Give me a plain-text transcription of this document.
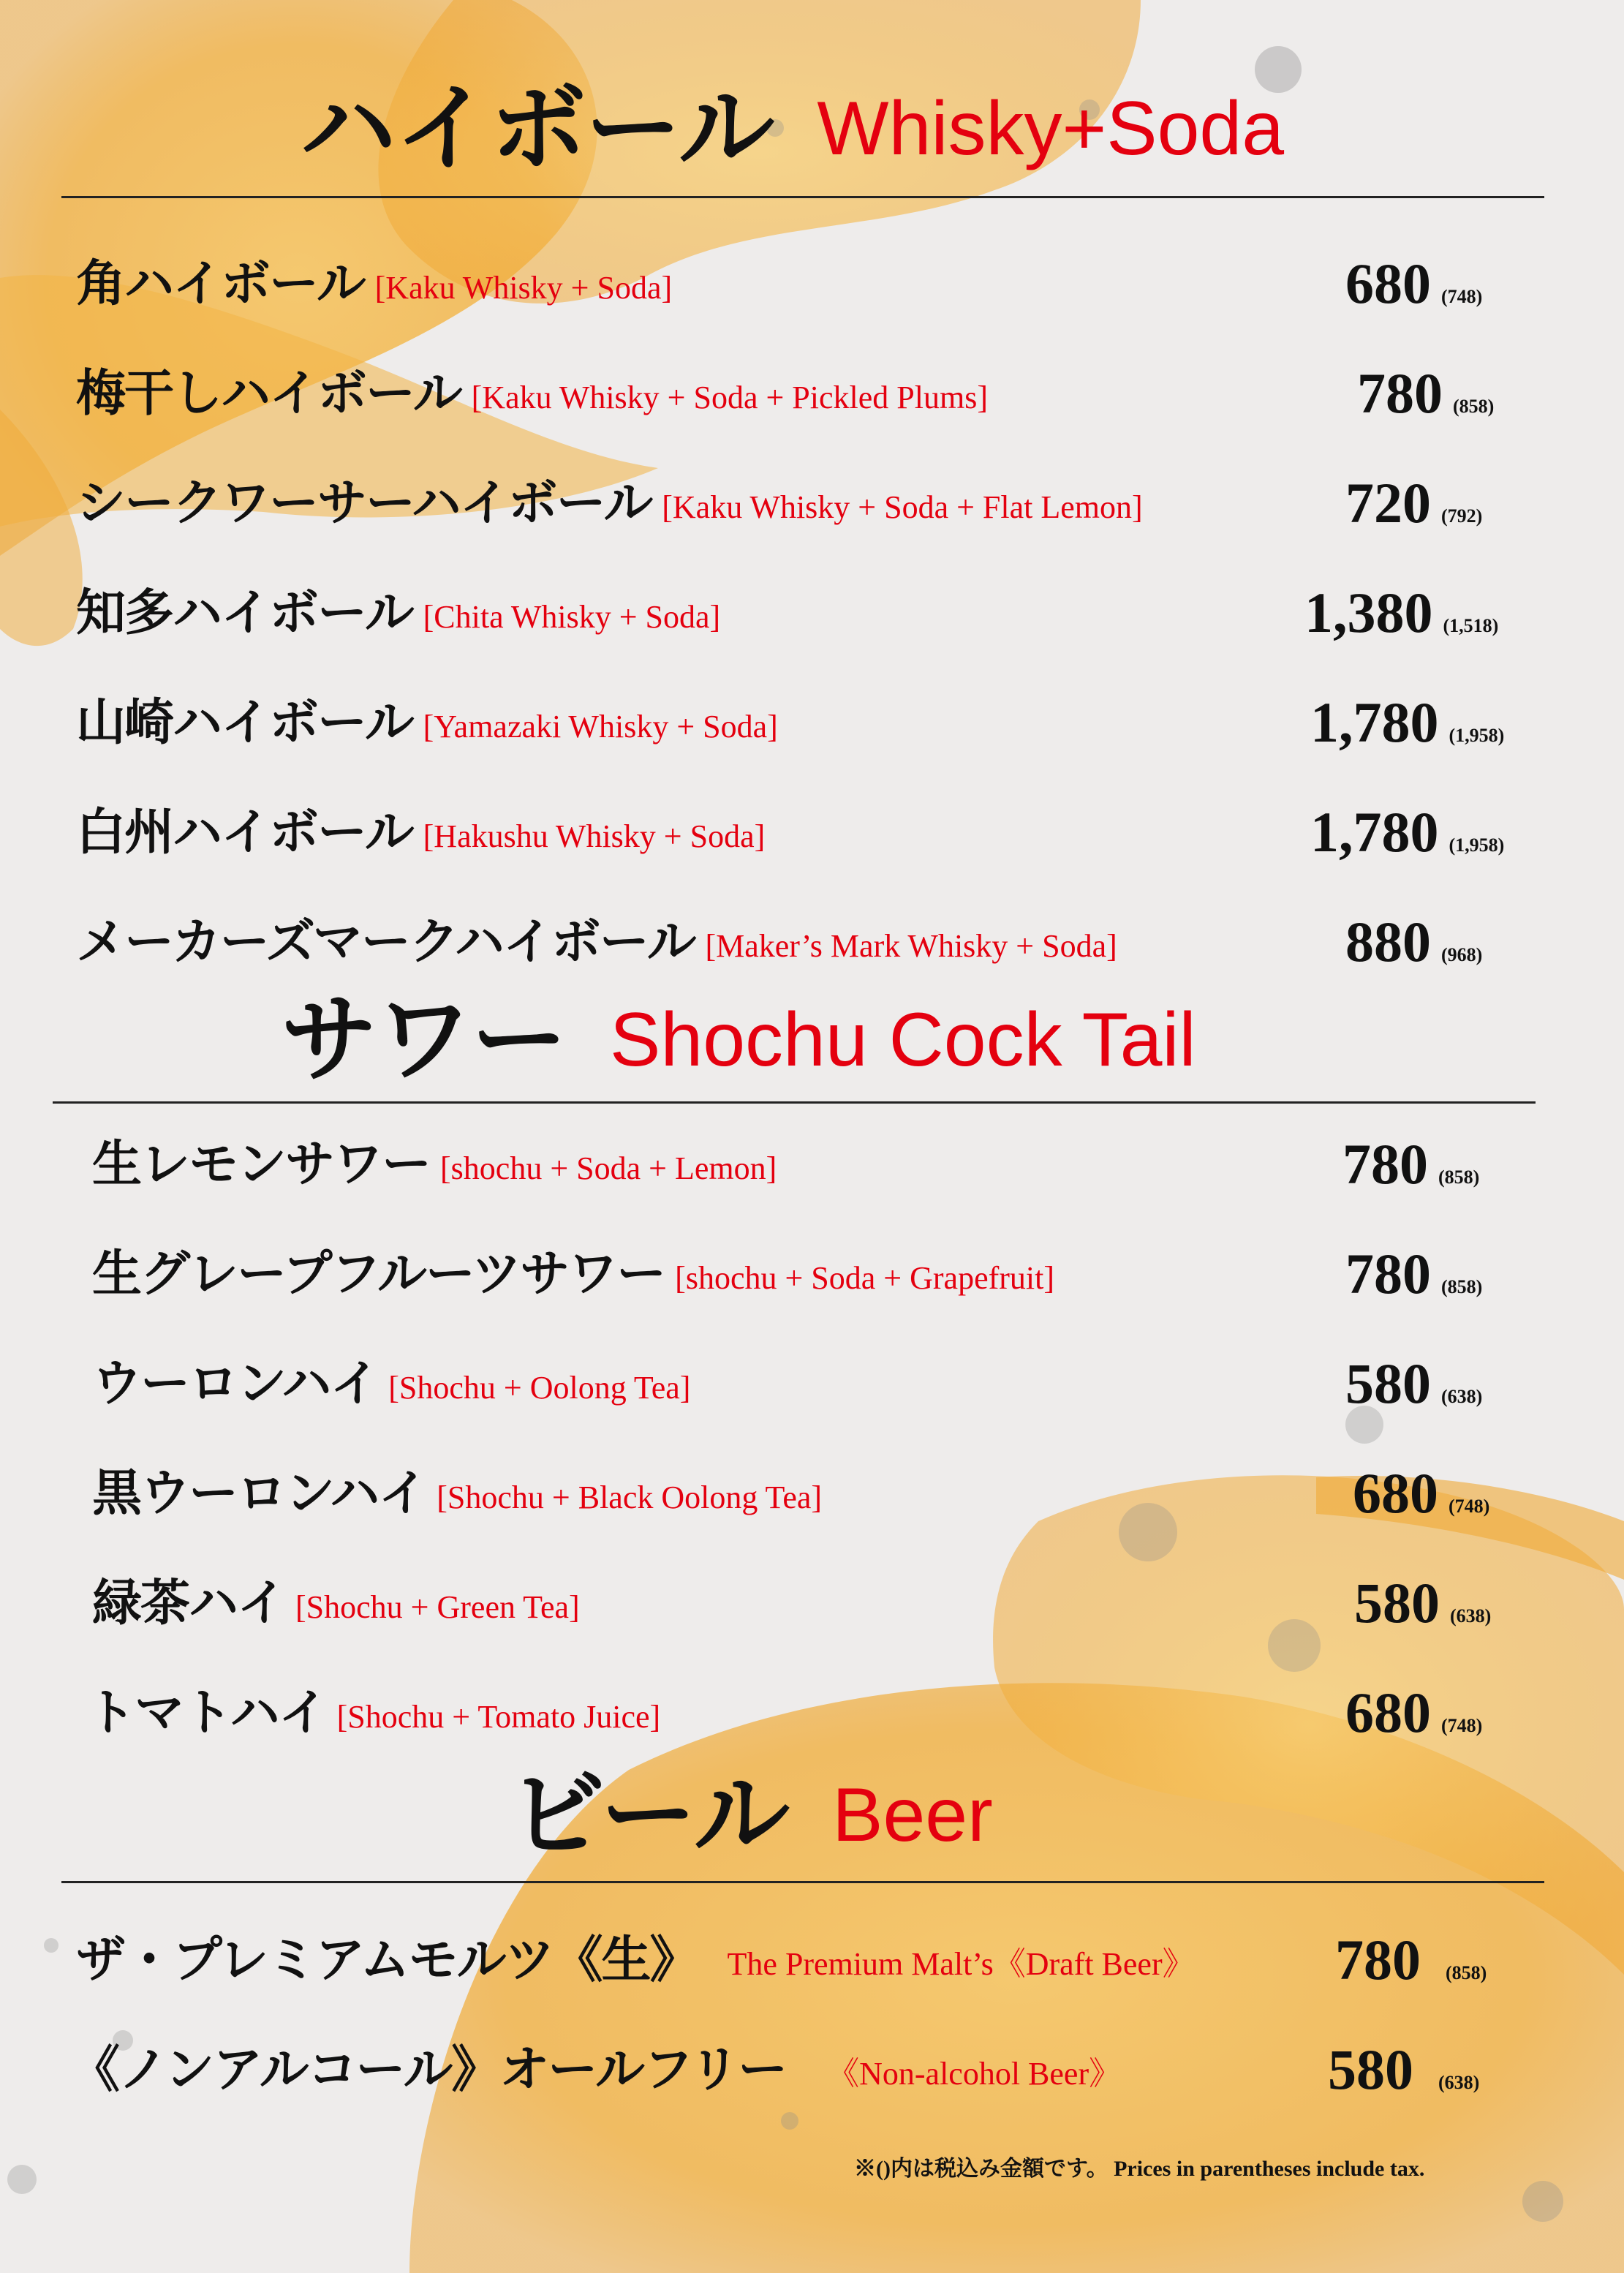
ハイボール Whisky+Soda
角ハイボール [Kaku Whisky + Soda]	680 (748)
梅干しハイボール [Kaku Whisky + Soda + Pickled Plums]	780 (858)
シークワーサーハイボール [Kaku Whisky + Soda + Flat Lemon]	720 (792)
知多ハイボール [Chita Whisky + Soda]	1,380 (1,518)
山崎ハイボール [Yamazaki Whisky + Soda]	1,780 (1,958)
白州ハイボール [Hakushu Whisky + Soda]	1,780 (1,958)
メーカーズマークハイボール [Maker’s Mark Whisky + Soda]	880 (968)
サワー Shochu Cock Tail
生レモンサワー [shochu + Soda + Lemon]	780 (858)
生グレープフルーツサワー [shochu + Soda + Grapefruit]	780 (858)
ウーロンハイ [Shochu + Oolong Tea]	580 (638)
黒ウーロンハイ [Shochu + Black Oolong Tea]	680 (748)
緑茶ハイ [Shochu + Green Tea]	580 (638)
トマトハイ [Shochu + Tomato Juice]	680 (748)
ビール Beer
ザ・プレミアムモルツ《生》 The Premium Malt’s《Draft Beer》 780 (858)
《ノンアルコール》オールフリー 《Non-alcohol Beer》	580 (638)
※()内は税込み金額です。 Prices in parentheses include tax.
